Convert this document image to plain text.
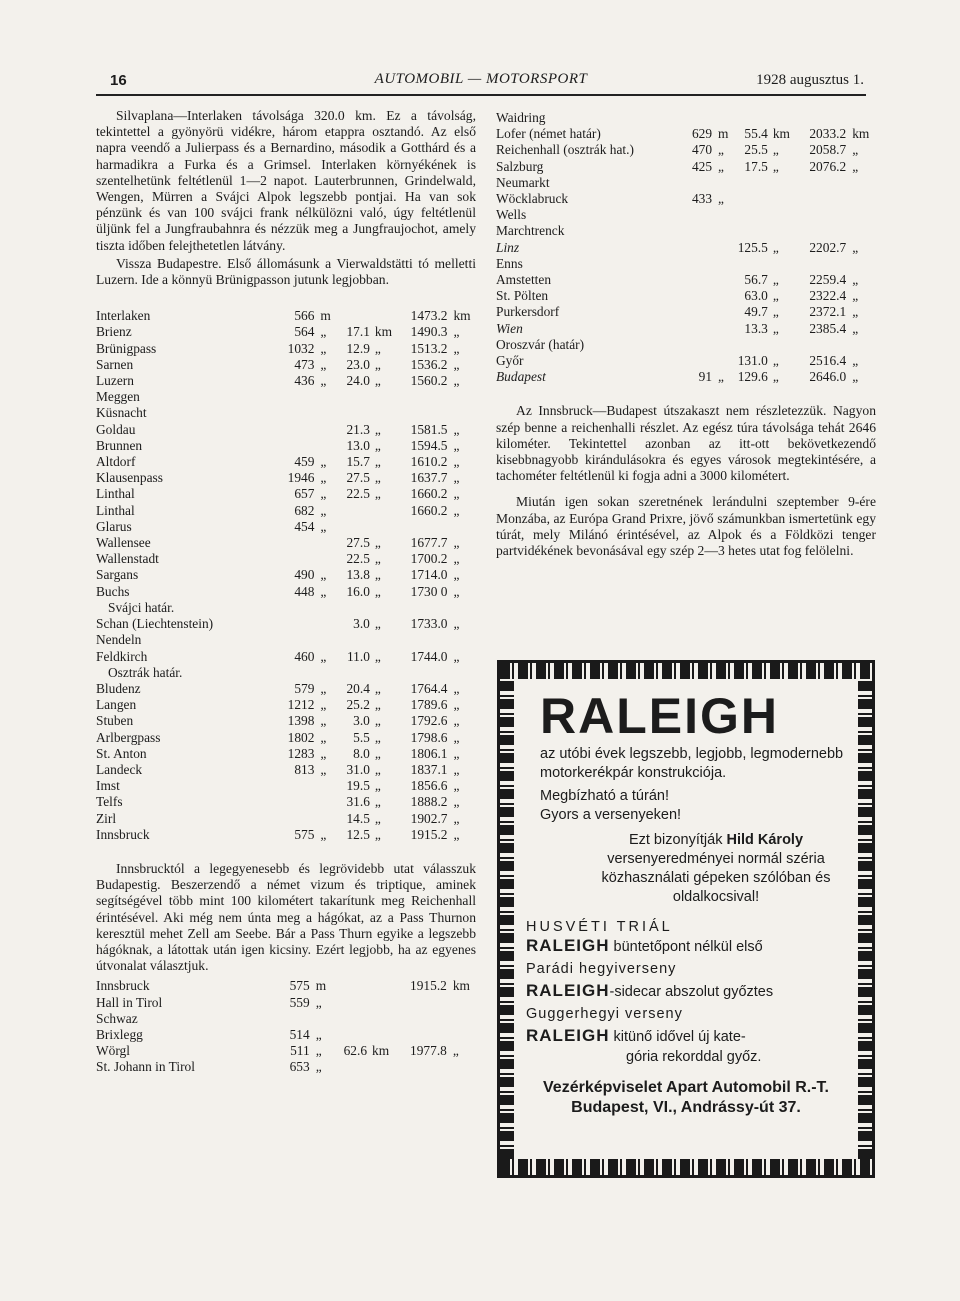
16	AUTOMOBIL — MOTORSPORT	1928 augusztus 1.

Silvaplana—Interlaken távolsága 320.0 km. Ez a távolság, tekintettel a gyönyörü vidékre, három etappra osztandó. Az első napra veendő a Julierpass és a Bernardino, második a Gotthárd és a harmadikra a Furka és a Grimsel. Interlaken környékének is szentelhetünk feltétlenül 1—2 napot. Lauterbrunnen, Grindelwald, Wengen, Mürren a Svájci Alpok legszebb pontjai. Ha van sok pénzünk és van 100 svájci frank nélkülözni való, úgy feltétlenül üljünk fel a Jungfraubahnra és nézzük meg a Jungfraujochot, amely tiszta időben felejthetetlen látvány.

Vissza Budapestre. Első állomásunk a Vierwaldstätti tó melletti Luzern. Ide a könnyü Brünigpasson jutunk legjobban.

Interlaken	566	m			1473.2	km
Brienz	564	„	17.1	km	1490.3	„
Brünigpass	1032	„	12.9	„	1513.2	„
Sarnen	473	„	23.0	„	1536.2	„
Luzern	436	„	24.0	„	1560.2	„
Meggen						
Küsnacht						
Goldau			21.3	„	1581.5	„
Brunnen			13.0	„	1594.5	„
Altdorf	459	„	15.7	„	1610.2	„
Klausenpass	1946	„	27.5	„	1637.7	„
Linthal	657	„	22.5	„	1660.2	„
Linthal	682	„			1660.2	„
Glarus	454	„				
Wallensee			27.5	„	1677.7	„
Wallenstadt			22.5	„	1700.2	„
Sargans	490	„	13.8	„	1714.0	„
Buchs	448	„	16.0	„	1730 0	„
Svájci határ.						
Schan (Liechtenstein)			3.0	„	1733.0	„
Nendeln						
Feldkirch	460	„	11.0	„	1744.0	„
Osztrák határ.						
Bludenz	579	„	20.4	„	1764.4	„
Langen	1212	„	25.2	„	1789.6	„
Stuben	1398	„	3.0	„	1792.6	„
Arlbergpass	1802	„	5.5	„	1798.6	„
St. Anton	1283	„	8.0	„	1806.1	„
Landeck	813	„	31.0	„	1837.1	„
Imst			19.5	„	1856.6	„
Telfs			31.6	„	1888.2	„
Zirl			14.5	„	1902.7	„
Innsbruck	575	„	12.5	„	1915.2	„

Innsbrucktól a legegyenesebb és legrövidebb utat válasszuk Budapestig. Beszerzendő a német vizum és triptique, aminek segítségével több mint 100 kilométert takarítunk meg Reichenhall érintésével. Aki még nem únta meg a hágókat, az a Pass Thurnon keresztül mehet Zell am Seebe. Bár a Pass Thurn egyike a legszebb hágóknak, a látottak után igen kicsiny. Ezért legjobb, ha az egyenes útvonalat választjuk.

Innsbruck	575	m			1915.2	km
Hall in Tirol	559	„				
Schwaz						
Brixlegg	514	„				
Wörgl	511	„	62.6	km	1977.8	„
St. Johann in Tirol	653	„				
Waidring						
Lofer (német határ)	629	m	55.4	km	2033.2	km
Reichenhall (osztrák hat.)	470	„	25.5	„	2058.7	„
Salzburg	425	„	17.5	„	2076.2	„
Neumarkt						
Wöcklabruck	433	„				
Wells						
Marchtrenck						
Linz			125.5	„	2202.7	„
Enns						
Amstetten			56.7	„	2259.4	„
St. Pölten			63.0	„	2322.4	„
Purkersdorf			49.7	„	2372.1	„
Wien			13.3	„	2385.4	„
Oroszvár (határ)						
Győr			131.0	„	2516.4	„
Budapest	91	„	129.6	„	2646.0	„

Az Innsbruck—Budapest útszakaszt nem részletezzük. Nagyon szép benne a reichenhalli részlet. Az egész túra távolsága tehát 2646 kilométer. Tekintettel azonban az itt-ott bekövetkezendő kisebbnagyobb kirándulásokra és egyes városok megtekintésére, a tachométer feltétlenül ki fogja adni a 3000 kilométert.

Miután igen sokan szeretnének lerándulni szeptember 9-ére Monzába, az Európa Grand Prixre, jövő számunkban ismertetünk egy túrát, mely Milánó érintésével, az Alpok és a Földközi tenger partvidékének bevonásával egy szép 2—3 hetes utat fog felölelni.

RALEIGH
az utóbi évek legszebb, legjobb, legmodernebb motorkerékpár konstrukciója.
Megbízható a túrán!
Gyors a versenyeken!
Ezt bizonyítják Hild Károly versenyeredményei normál széria közhasználati gépeken szólóban és oldalkocsival!
HUSVÉTI TRIÁL
RALEIGH büntetőpont nélkül első
Parádi hegyiverseny
RALEIGH-sidecar abszolut győztes
Guggerhegyi verseny
RALEIGH kitünő idővel új kate-
gória rekorddal győz.
Vezérképviselet Apart Automobil R.-T.
Budapest, VI., Andrássy-út 37.
